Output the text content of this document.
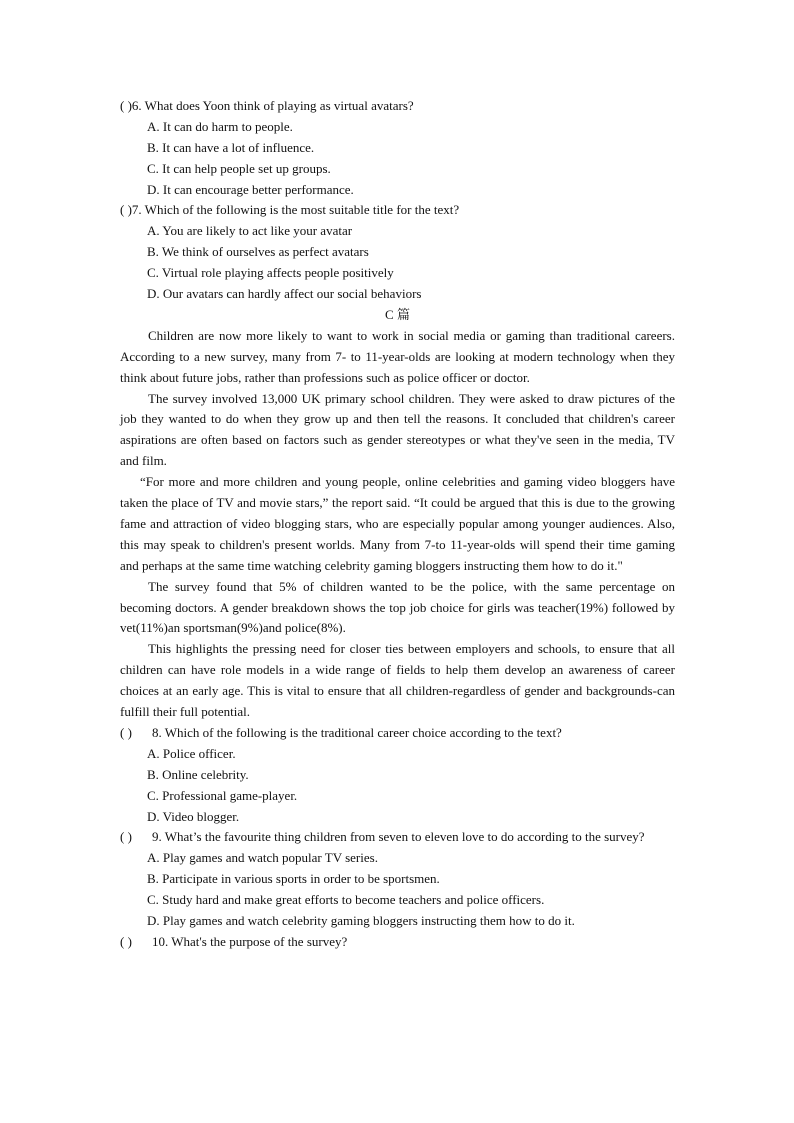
( )6. What does Yoon think of playing as virtual avatars?
A. It can do harm to people.
B. It can have a lot of influence.
C. It can help people set up groups.
D. It can encourage better performance.
( )7. Which of the following is the most suitable title for the text?
A. You are likely to act like your avatar
B. We think of ourselves as perfect avatars
C. Virtual role playing affects people positively
D. Our avatars can hardly affect our social behaviors
C 篇

Children are now more likely to want to work in social media or gaming than traditional careers. According to a new survey, many from 7- to 11-year-olds are looking at modern technology when they think about future jobs, rather than professions such as police officer or doctor.

The survey involved 13,000 UK primary school children. They were asked to draw pictures of the job they wanted to do when they grow up and then tell the reasons. It concluded that children's career aspirations are often based on factors such as gender stereotypes or what they've seen in the media, TV and film.

“For more and more children and young people, online celebrities and gaming video bloggers have taken the place of TV and movie stars,” the report said. “It could be argued that this is due to the growing fame and attraction of video blogging stars, who are especially popular among younger audiences. Also, this may speak to children's present worlds. Many from 7-to 11-year-olds will spend their time gaming and perhaps at the same time watching celebrity gaming bloggers instructing them how to do it."

The survey found that 5% of children wanted to be the police, with the same percentage on becoming doctors. A gender breakdown shows the top job choice for girls was teacher(19%) followed by vet(11%)an sportsman(9%)and police(8%).

This highlights the pressing need for closer ties between employers and schools, to ensure that all children can have role models in a wide range of fields to help them develop an awareness of career choices at an early age. This is vital to ensure that all children-regardless of gender and backgrounds-can fulfill their full potential.

( )	8. Which of the following is the traditional career choice according to the text?
A. Police officer.
B. Online celebrity.
C. Professional game-player.
D. Video blogger.
( )	9. What’s the favourite thing children from seven to eleven love to do according to the survey?
A. Play games and watch popular TV series.
B. Participate in various sports in order to be sportsmen.
C. Study hard and make great efforts to become teachers and police officers.
D. Play games and watch celebrity gaming bloggers instructing them how to do it.
( )	10. What's the purpose of the survey?
